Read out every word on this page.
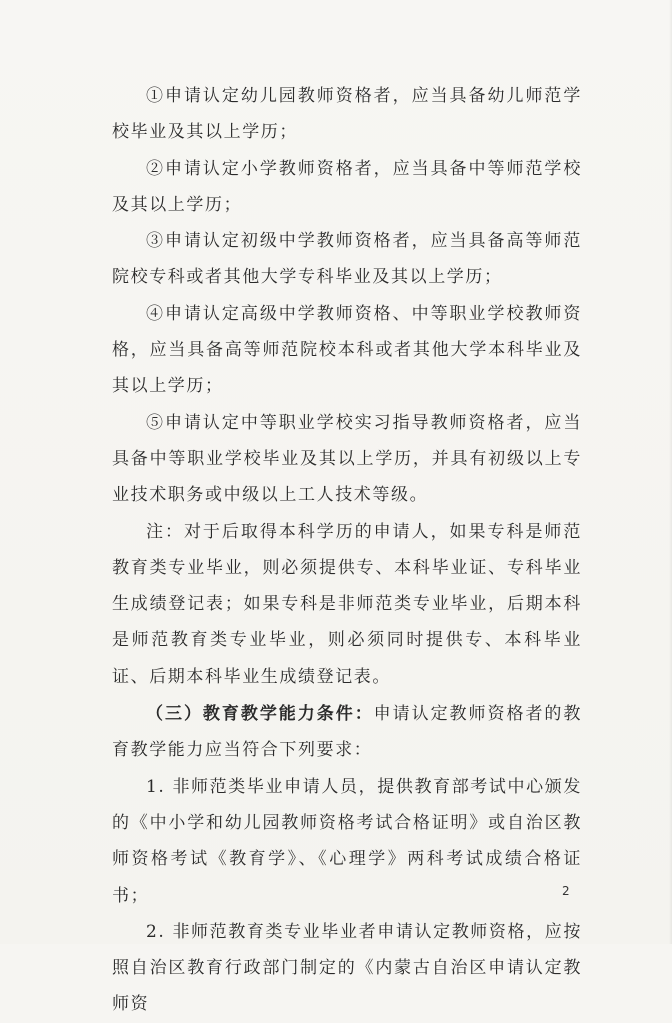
①申请认定幼儿园教师资格者，应当具备幼儿师范学校毕业及其以上学历；

②申请认定小学教师资格者，应当具备中等师范学校及其以上学历；

③申请认定初级中学教师资格者，应当具备高等师范院校专科或者其他大学专科毕业及其以上学历；

④申请认定高级中学教师资格、中等职业学校教师资格，应当具备高等师范院校本科或者其他大学本科毕业及其以上学历；

⑤申请认定中等职业学校实习指导教师资格者，应当具备中等职业学校毕业及其以上学历，并具有初级以上专业技术职务或中级以上工人技术等级。

注：对于后取得本科学历的申请人，如果专科是师范教育类专业毕业，则必须提供专、本科毕业证、专科毕业生成绩登记表；如果专科是非师范类专业毕业，后期本科是师范教育类专业毕业，则必须同时提供专、本科毕业证、后期本科毕业生成绩登记表。

（三）教育教学能力条件：申请认定教师资格者的教育教学能力应当符合下列要求：

1. 非师范类毕业申请人员，提供教育部考试中心颁发的《中小学和幼儿园教师资格考试合格证明》或自治区教师资格考试《教育学》、《心理学》两科考试成绩合格证书；

2. 非师范教育类专业毕业者申请认定教师资格，应按照自治区教育行政部门制定的《内蒙古自治区申请认定教师资

2
